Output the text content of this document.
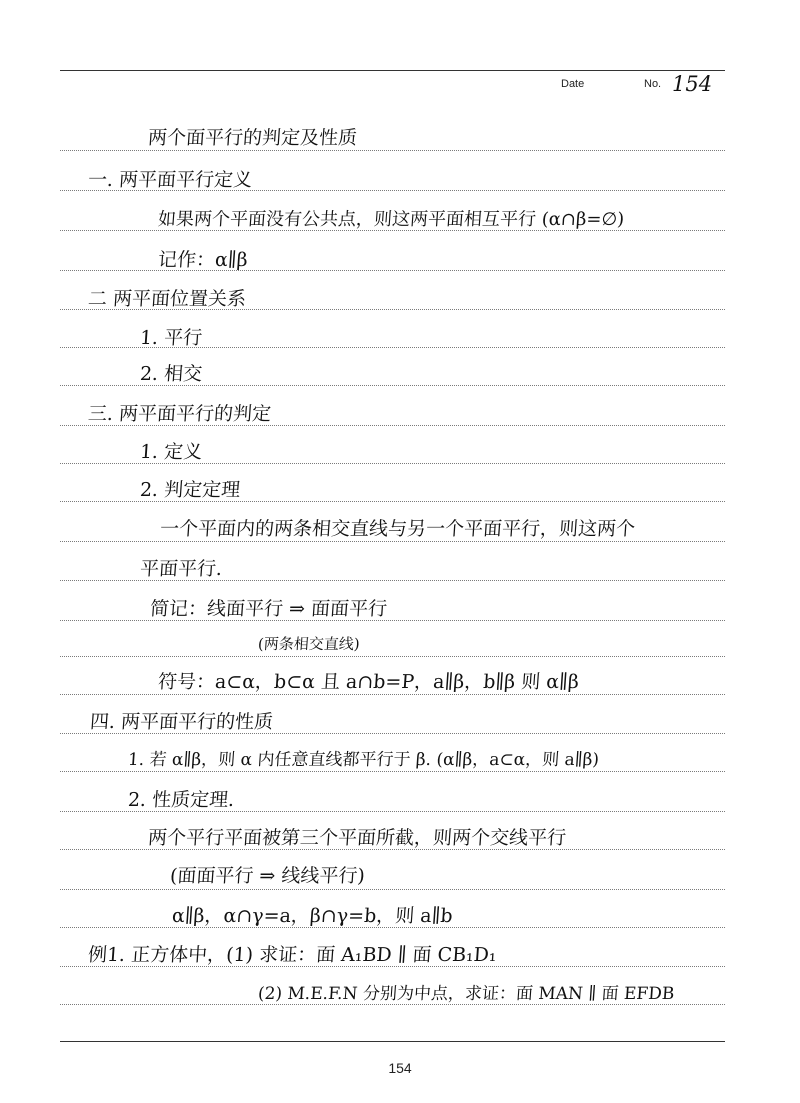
Date	No. 154
两个面平行的判定及性质
一. 两平面平行定义
如果两个平面没有公共点，则这两平面相互平行 (α∩β=∅)
记作：α∥β
二 两平面位置关系
1. 平行
2. 相交
三. 两平面平行的判定
1. 定义
2. 判定定理
一个平面内的两条相交直线与另一个平面平行，则这两个
平面平行.
简记：线面平行 ⇒ 面面平行
(两条相交直线)
符号：a⊂α，b⊂α 且 a∩b=P，a∥β，b∥β 则 α∥β
四. 两平面平行的性质
1. 若 α∥β，则 α 内任意直线都平行于 β. (α∥β，a⊂α，则 a∥β)
2. 性质定理.
两个平行平面被第三个平面所截，则两个交线平行
(面面平行 ⇒ 线线平行)
α∥β，α∩γ=a，β∩γ=b，则 a∥b
例1. 正方体中，(1) 求证：面 A₁BD ∥ 面 CB₁D₁
(2) M.E.F.N 分别为中点，求证：面 MAN ∥ 面 EFDB
154
